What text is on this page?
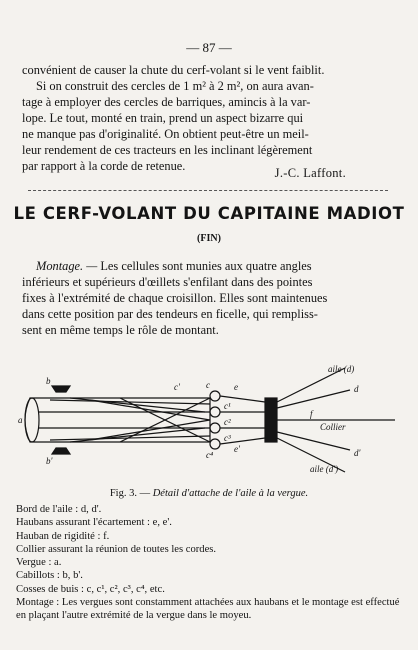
— 87 —

convénient de causer la chute du cerf-volant si le vent faiblit.

Si on construit des cercles de 1 m² à 2 m², on aura avan-

tage à employer des cercles de barriques, amincis à la var-

lope. Le tout, monté en train, prend un aspect bizarre qui

ne manque pas d'originalité. On obtient peut-être un meil-

leur rendement de ces tracteurs en les inclinant légèrement

par rapport à la corde de retenue.	J.-C. Laffont.
LE CERF-VOLANT DU CAPITAINE MADIOT
(FIN)

Montage. — Les cellules sont munies aux quatre angles

inférieurs et supérieurs d'œillets s'enfilant dans des pointes

fixes à l'extrémité de chaque croisillon. Elles sont maintenues

dans cette position par des tendeurs en ficelle, qui rempliss-

sent en même temps le rôle de montant.

b
b'
a
c
c¹
c²
c³
c⁴
e
e'
f
Collier
aile (d)
aile (d')
d
d'
c'
Fig. 3. — Détail d'attache de l'aile à la vergue.
Bord de l'aile : d, d'.
Haubans assurant l'écartement : e, e'.
Hauban de rigidité : f.
Collier assurant la réunion de toutes les cordes.
Vergue : a.
Cabillots : b, b'.
Cosses de buis : c, c¹, c², c³, c⁴, etc.
Montage : Les vergues sont constamment attachées aux haubans et le montage est effectué en plaçant l'autre extrémité de la vergue dans le moyeu.
